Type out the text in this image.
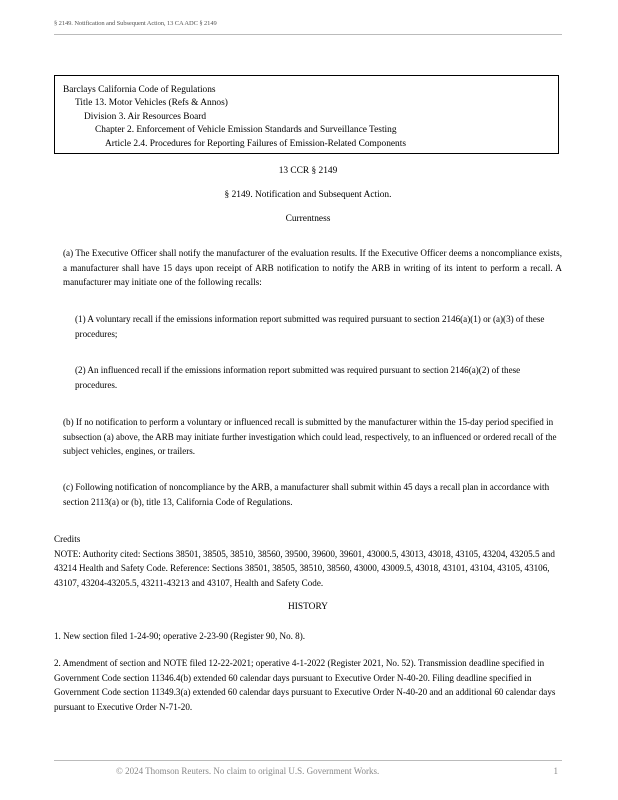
§ 2149. Notification and Subsequent Action, 13 CA ADC § 2149
Barclays California Code of Regulations
Title 13. Motor Vehicles (Refs & Annos)
Division 3. Air Resources Board
Chapter 2. Enforcement of Vehicle Emission Standards and Surveillance Testing
Article 2.4. Procedures for Reporting Failures of Emission-Related Components
13 CCR § 2149
§ 2149. Notification and Subsequent Action.
Currentness
(a) The Executive Officer shall notify the manufacturer of the evaluation results. If the Executive Officer deems a noncompliance exists, a manufacturer shall have 15 days upon receipt of ARB notification to notify the ARB in writing of its intent to perform a recall. A manufacturer may initiate one of the following recalls:
(1) A voluntary recall if the emissions information report submitted was required pursuant to section 2146(a)(1) or (a)(3) of these procedures;
(2) An influenced recall if the emissions information report submitted was required pursuant to section 2146(a)(2) of these procedures.
(b) If no notification to perform a voluntary or influenced recall is submitted by the manufacturer within the 15-day period specified in subsection (a) above, the ARB may initiate further investigation which could lead, respectively, to an influenced or ordered recall of the subject vehicles, engines, or trailers.
(c) Following notification of noncompliance by the ARB, a manufacturer shall submit within 45 days a recall plan in accordance with section 2113(a) or (b), title 13, California Code of Regulations.
Credits
NOTE: Authority cited: Sections 38501, 38505, 38510, 38560, 39500, 39600, 39601, 43000.5, 43013, 43018, 43105, 43204, 43205.5 and 43214 Health and Safety Code. Reference: Sections 38501, 38505, 38510, 38560, 43000, 43009.5, 43018, 43101, 43104, 43105, 43106, 43107, 43204-43205.5, 43211-43213 and 43107, Health and Safety Code.
HISTORY
1. New section filed 1-24-90; operative 2-23-90 (Register 90, No. 8).
2. Amendment of section and NOTE filed 12-22-2021; operative 4-1-2022 (Register 2021, No. 52). Transmission deadline specified in Government Code section 11346.4(b) extended 60 calendar days pursuant to Executive Order N-40-20. Filing deadline specified in Government Code section 11349.3(a) extended 60 calendar days pursuant to Executive Order N-40-20 and an additional 60 calendar days pursuant to Executive Order N-71-20.
© 2024 Thomson Reuters. No claim to original U.S. Government Works.	1
